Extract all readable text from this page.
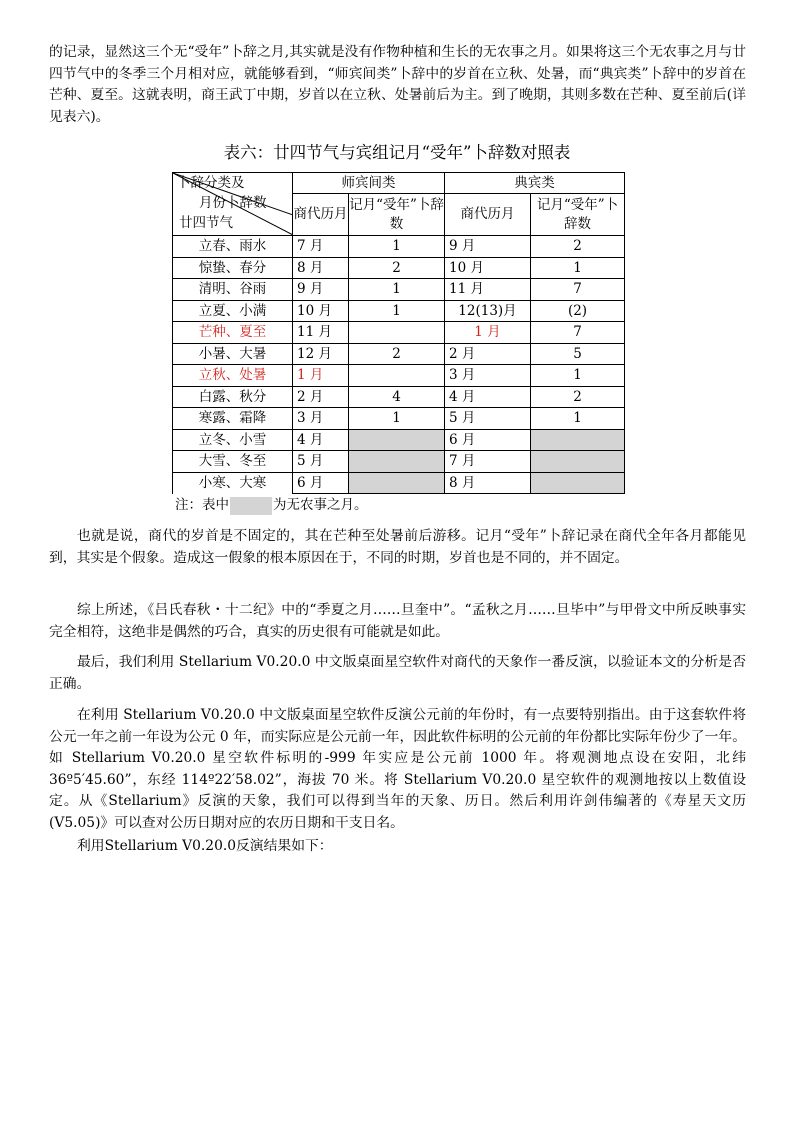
的记录，显然这三个无“受年”卜辞之月,其实就是没有作物种植和生长的无农事之月。如果将这三个无农事之月与廿四节气中的冬季三个月相对应，就能够看到，“师宾间类”卜辞中的岁首在立秋、处暑，而“典宾类”卜辞中的岁首在芒种、夏至。这就表明，商王武丁中期，岁首以在立秋、处暑前后为主。到了晚期，其则多数在芒种、夏至前后(详见表六)。

表六：廿四节气与宾组记月“受年”卜辞数对照表

卜辞分类及
月份卜辞数
廿四节气	师宾间类		典宾类	
	商代历月	记月“受年”卜辞数	商代历月	记月“受年”卜辞数
立春、雨水	7 月	1	9 月	2
惊蛰、春分	8 月	2	10 月	1
清明、谷雨	9 月	1	11 月	7
立夏、小满	10 月	1	12(13)月	(2)
芒种、夏至	11 月		1 月	7
小暑、大暑	12 月	2	2 月	5
立秋、处暑	1 月		3 月	1
白露、秋分	2 月	4	4 月	2
寒露、霜降	3 月	1	5 月	1
立冬、小雪	4 月		6 月	
大雪、冬至	5 月		7 月	
小寒、大寒	6 月		8 月	

注：表中	为无农事之月。

也就是说，商代的岁首是不固定的，其在芒种至处暑前后游移。记月“受年”卜辞记录在商代全年各月都能见到，其实是个假象。造成这一假象的根本原因在于，不同的时期，岁首也是不同的，并不固定。

综上所述，《吕氏春秋・十二纪》中的“季夏之月……旦奎中”。“孟秋之月……旦毕中”与甲骨文中所反映事实完全相符，这绝非是偶然的巧合，真实的历史很有可能就是如此。

最后，我们利用 Stellarium V0.20.0 中文版桌面星空软件对商代的天象作一番反演，以验证本文的分析是否正确。

在利用 Stellarium V0.20.0 中文版桌面星空软件反演公元前的年份时，有一点要特别指出。由于这套软件将公元一年之前一年设为公元 0 年，而实际应是公元前一年，因此软件标明的公元前的年份都比实际年份少了一年。如 Stellarium V0.20.0 星空软件标明的-999 年实应是公元前 1000 年。将观测地点设在安阳，北纬 36º5′45.60”，东经 114º22′58.02”，海拔 70 米。将 Stellarium V0.20.0 星空软件的观测地按以上数值设定。从《Stellarium》反演的天象，我们可以得到当年的天象、历日。然后利用许剑伟编著的《寿星天文历(V5.05)》可以查对公历日期对应的农历日期和干支日名。

利用Stellarium V0.20.0反演结果如下：
